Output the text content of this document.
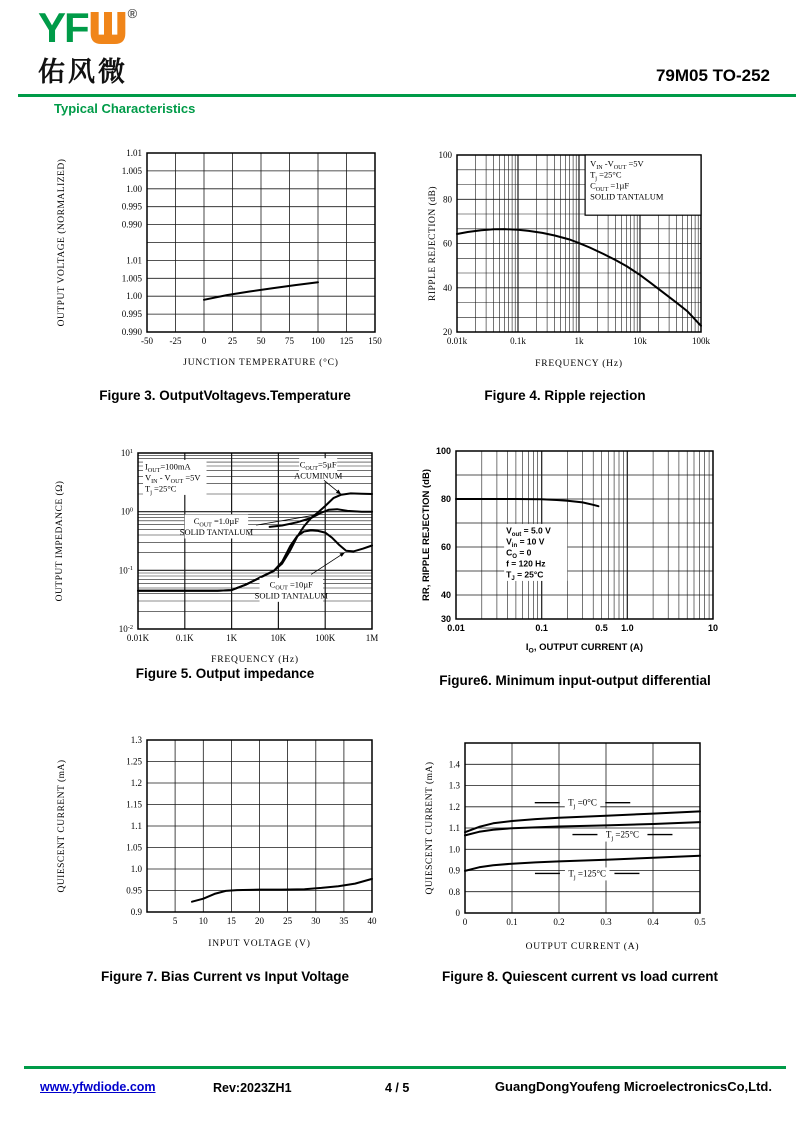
YF	®
佑风微	79M05 TO-252
Typical Characteristics
-50 -25 0 25 50 75 100 125 150
0.990
0.995
1.00
1.005
1.01
0.990
0.995
1.00
1.005
1.01
JUNCTION TEMPERATURE (°C)
OUTPUT VOLTAGE (NORMALIZED)
0.01k	0.1k	1k	10k	100k
20
40
60
80
100
FREQUENCY (Hz)
RIPPLE REJECTION (dB)
$V_{IN}$ $-V_{OUT} =5V$
$T_j =25^\circ C$
$C_{OUT} =1\mu F$
SOLID TANTALUM
0.01K	0.1K	1K	10K	100K	1M
$10^1$
$10^0$
$10^{-1}$
$10^{-2}$
FREQUENCY (Hz)
OUTPUT IMPEDANCE (Ω)
$I_{OUT}=100mA$
$V_{IN} - V_{OUT} =5V$
$T_j =25^\circ C$
$C_{OUT}=5\mu F$
ACUMINUM
$C_{OUT} =1.0\mu F$
SOLID TANTALUM
$C_{OUT} =10\mu F$
SOLID TANTALUM
0.01	0.1	0.5 1.0	10
30
40
60
80
100
$I_O$, OUTPUT CURRENT (A)
RR, RIPPLE REJECTION (dB)	$V_{out} = 5.0$ V
$V_{in} = 10$ V
$C_O = 0$
f = 120 Hz
$T_J = 25^\circ C$
5 10 15 20 25 30 35 40
0.9
0.95
1.0
1.05
1.1
1.15
1.2
1.25
1.3
INPUT VOLTAGE (V)
QUIESCENT CURRENT (mA)
0	0.1	0.2	0.3	0.4	0.5
0
0.8
0.9
1.0
1.1
1.2
1.3
1.4
OUTPUT CURRENT (A)
QUIESCENT CURRENT (mA)	$T_j =0^\circ C$
$T_j =25^\circ C$
$T_j =125^\circ C$
Figure 3. OutputVoltagevs.Temperature	Figure 4. Ripple rejection
Figure 5. Output impedance	Figure6. Minimum input-output differential
Figure 7. Bias Current vs Input Voltage	Figure 8. Quiescent current vs load current
www.yfwdiode.com	Rev:2023ZH1	4 / 5	GuangDongYoufeng MicroelectronicsCo,Ltd.
